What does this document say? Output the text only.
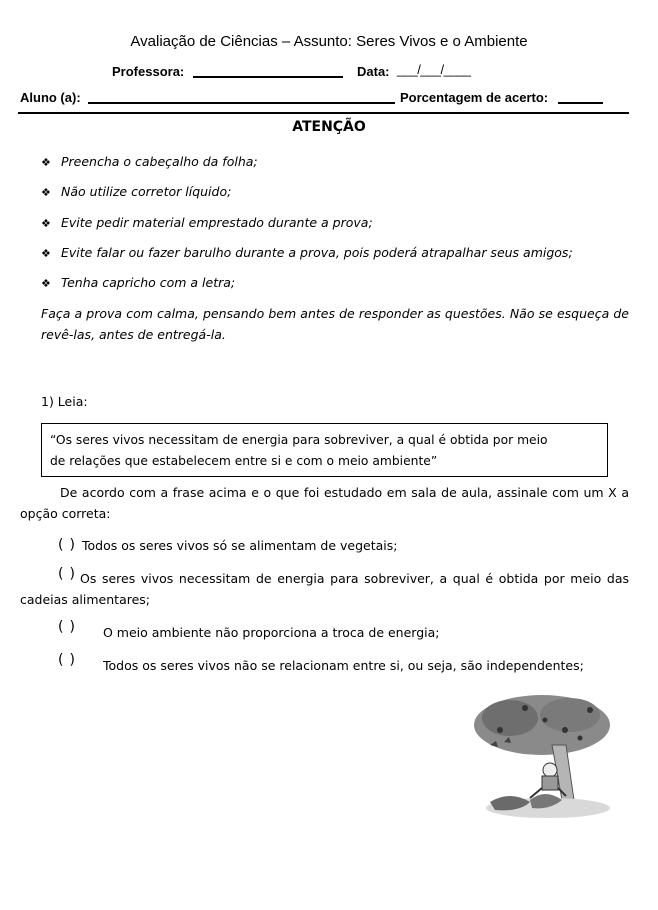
Avaliação de Ciências – Assunto: Seres Vivos e o Ambiente
Professora:	Data: ___/___/____
Aluno (a):	Porcentagem de acerto:
ATENÇÃO
❖ Preencha o cabeçalho da folha;
❖ Não utilize corretor líquido;
❖ Evite pedir material emprestado durante a prova;
❖ Evite falar ou fazer barulho durante a prova, pois poderá atrapalhar seus amigos;
❖ Tenha capricho com a letra;
Faça a prova com calma, pensando bem antes de responder as questões. Não se esqueça de revê-las, antes de entregá-la.
1) Leia:
“Os seres vivos necessitam de energia para sobreviver, a qual é obtida por meio
de relações que estabelecem entre si e com o meio ambiente”
De acordo com a frase acima e o que foi estudado em sala de aula, assinale com um X a opção correta:
( )
Todos os seres vivos só se alimentam de vegetais;
( )
Os seres vivos necessitam de energia para sobreviver, a qual é obtida por meio das cadeias alimentares;
( )
O meio ambiente não proporciona a troca de energia;
( )
Todos os seres vivos não se relacionam entre si, ou seja, são independentes;
